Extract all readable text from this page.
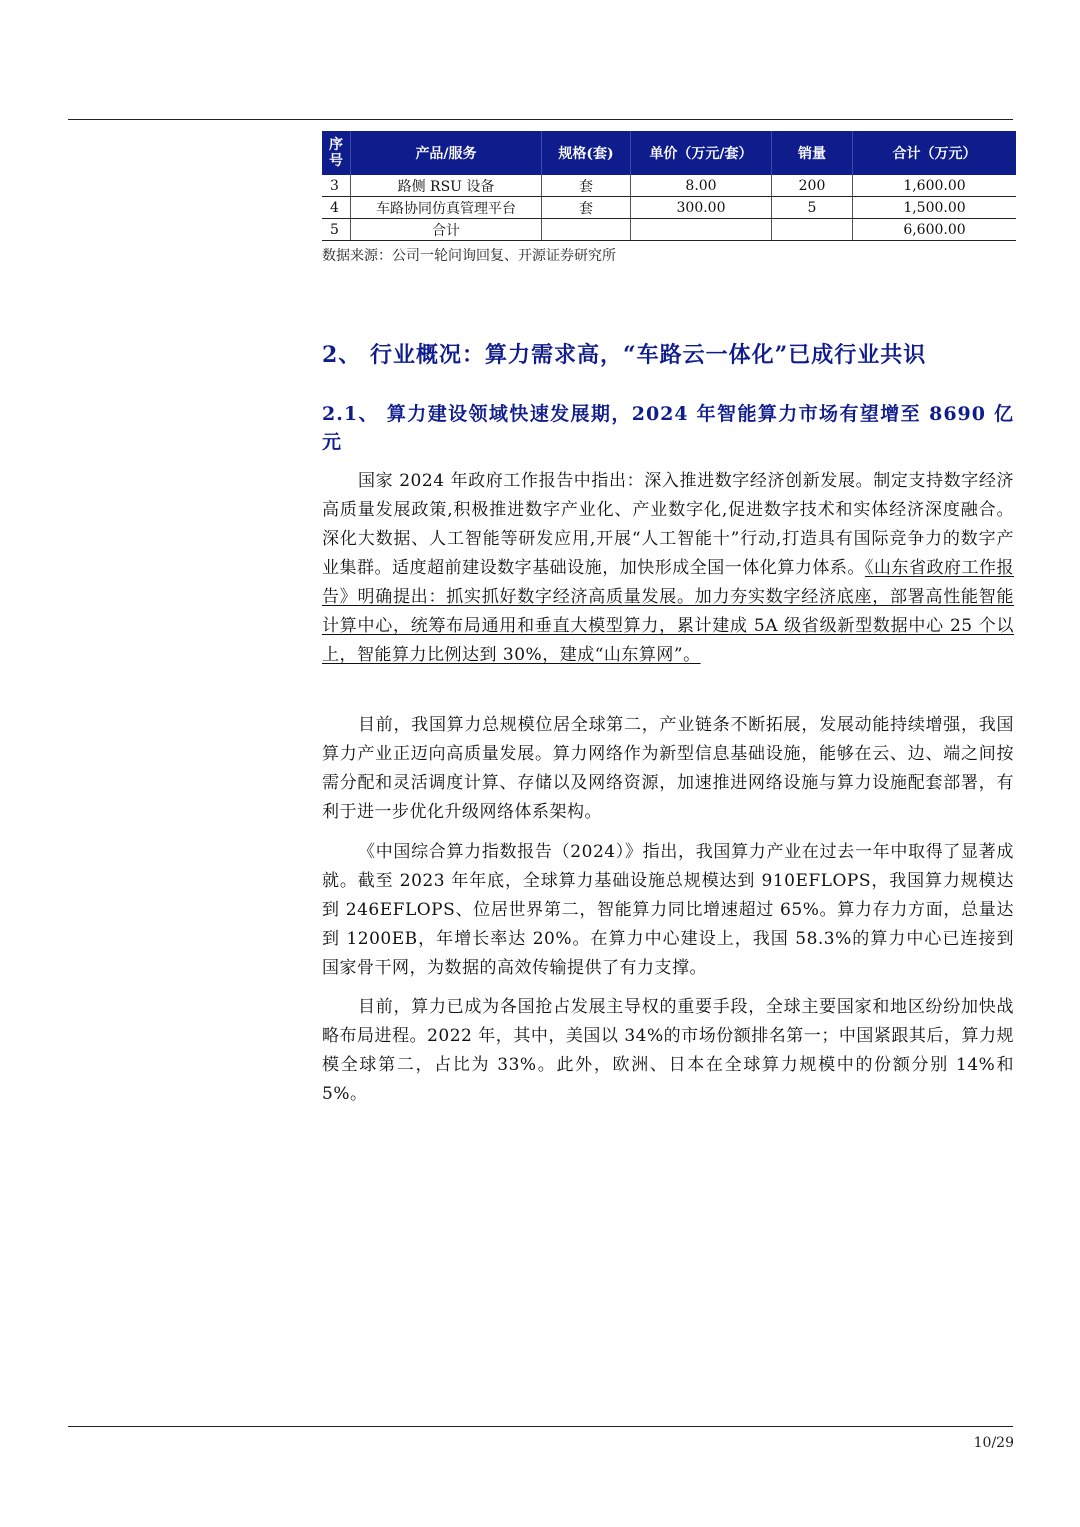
序
号	产品/服务	规格(套)	单价（万元/套）	销量	合计（万元）
3	路侧 RSU 设备	套	8.00	200	1,600.00
4	车路协同仿真管理平台	套	300.00	5	1,500.00
5	合计				6,600.00
数据来源：公司一轮问询回复、开源证券研究所
2、 行业概况：算力需求高，“车路云一体化”已成行业共识
2.1、 算力建设领域快速发展期，2024 年智能算力市场有望增至 8690 亿元

国家 2024 年政府工作报告中指出：深入推进数字经济创新发展。制定支持数字经济高质量发展政策,积极推进数字产业化、产业数字化,促进数字技术和实体经济深度融合。深化大数据、人工智能等研发应用,开展“人工智能十”行动,打造具有国际竞争力的数字产业集群。适度超前建设数字基础设施，加快形成全国一体化算力体系。《山东省政府工作报告》明确提出：抓实抓好数字经济高质量发展。加力夯实数字经济底座，部署高性能智能计算中心，统筹布局通用和垂直大模型算力，累计建成 5A 级省级新型数据中心 25 个以上，智能算力比例达到 30%，建成“山东算网”。

目前，我国算力总规模位居全球第二，产业链条不断拓展，发展动能持续增强，我国算力产业正迈向高质量发展。算力网络作为新型信息基础设施，能够在云、边、端之间按需分配和灵活调度计算、存储以及网络资源，加速推进网络设施与算力设施配套部署，有利于进一步优化升级网络体系架构。

《中国综合算力指数报告（2024）》指出，我国算力产业在过去一年中取得了显著成就。截至 2023 年年底，全球算力基础设施总规模达到 910EFLOPS，我国算力规模达到 246EFLOPS、位居世界第二，智能算力同比增速超过 65%。算力存力方面，总量达到 1200EB，年增长率达 20%。在算力中心建设上，我国 58.3%的算力中心已连接到国家骨干网，为数据的高效传输提供了有力支撑。

目前，算力已成为各国抢占发展主导权的重要手段，全球主要国家和地区纷纷加快战略布局进程。2022 年，其中，美国以 34%的市场份额排名第一；中国紧跟其后，算力规模全球第二，占比为 33%。此外，欧洲、日本在全球算力规模中的份额分别 14%和 5%。

10/29
